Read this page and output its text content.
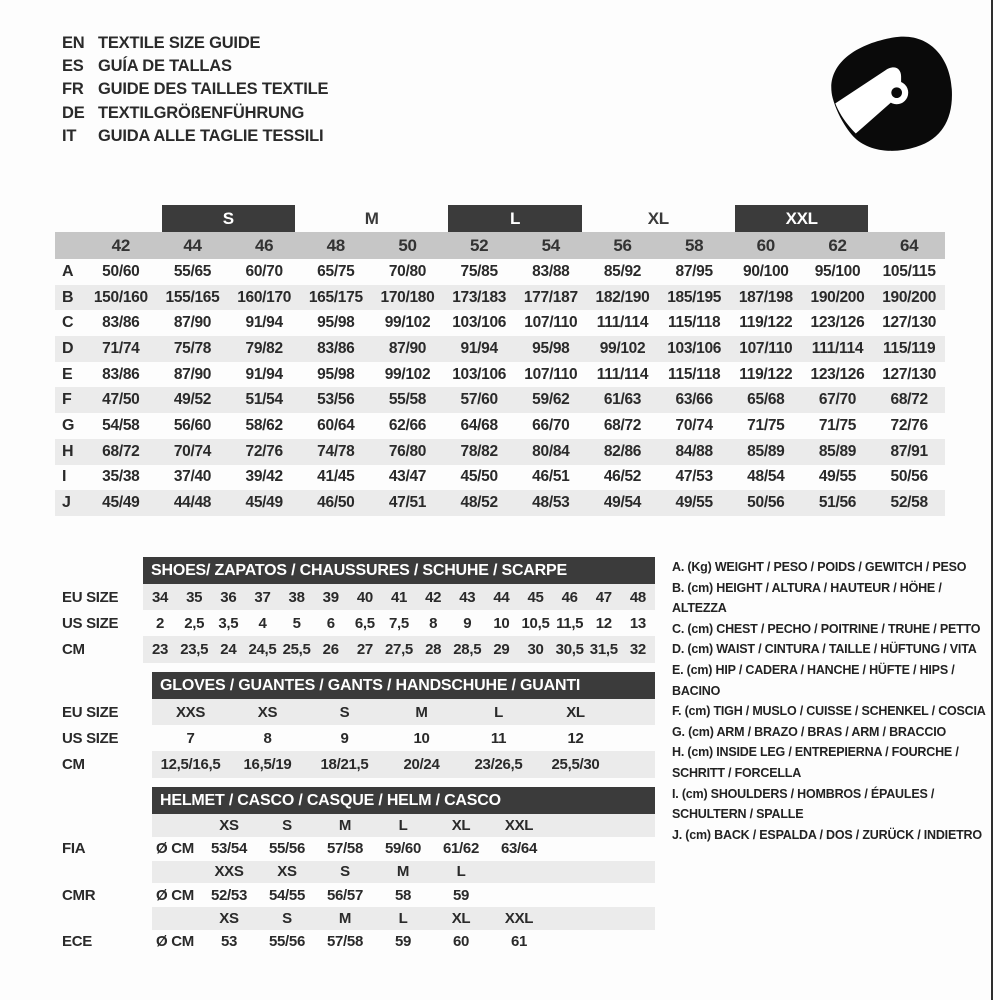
EN TEXTILE SIZE GUIDE
ES GUÍA DE TALLAS
FR GUIDE DES TAILLES TEXTILE
DE TEXTILGRÖßENFÜHRUNG
IT	GUIDA ALLE TAGLIE TESSILI
S	M	L	XL	XXL
42	44	46	48	50	52	54	56	58	60	62	64
A	50/60	55/65	60/70	65/75	70/80	75/85	83/88	85/92	87/95	90/100	95/100	105/115
B	150/160	155/165	160/170	165/175	170/180	173/183	177/187	182/190	185/195	187/198	190/200	190/200
C	83/86	87/90	91/94	95/98	99/102	103/106	107/110	111/114	115/118	119/122	123/126	127/130
D	71/74	75/78	79/82	83/86	87/90	91/94	95/98	99/102	103/106	107/110	111/114	115/119
E	83/86	87/90	91/94	95/98	99/102	103/106	107/110	111/114	115/118	119/122	123/126	127/130
F	47/50	49/52	51/54	53/56	55/58	57/60	59/62	61/63	63/66	65/68	67/70	68/72
G	54/58	56/60	58/62	60/64	62/66	64/68	66/70	68/72	70/74	71/75	71/75	72/76
H	68/72	70/74	72/76	74/78	76/80	78/82	80/84	82/86	84/88	85/89	85/89	87/91
I	35/38	37/40	39/42	41/45	43/47	45/50	46/51	46/52	47/53	48/54	49/55	50/56
J	45/49	44/48	45/49	46/50	47/51	48/52	48/53	49/54	49/55	50/56	51/56	52/58
SHOES/ ZAPATOS / CHAUSSURES / SCHUHE / SCARPE
EU SIZE	34	35	36	37	38	39	40	41	42	43	44	45	46	47	48
US SIZE	2	2,5 3,5	4	5	6	6,5 7,5	8	9	10 10,5 11,5 12	13
CM	23 23,5 24 24,5 25,5 26	27 27,5 28 28,5 29	30 30,5 31,5 32
GLOVES / GUANTES / GANTS / HANDSCHUHE / GUANTI
EU SIZE	XXS	XS	S	M	L	XL
US SIZE	7	8	9	10	11	12
CM	12,5/16,5	16,5/19	18/21,5	20/24	23/26,5	25,5/30
HELMET / CASCO / CASQUE / HELM / CASCO
XS	S	M	L	XL	XXL
FIA	Ø CM	53/54	55/56	57/58	59/60	61/62	63/64
XXS	XS	S	M	L
CMR	Ø CM	52/53	54/55	56/57	58	59
XS	S	M	L	XL	XXL
ECE	Ø CM	53	55/56	57/58	59	60	61
A. (Kg) WEIGHT / PESO / POIDS / GEWITCH / PESO
B. (cm) HEIGHT / ALTURA / HAUTEUR / HÖHE / ALTEZZA
C. (cm) CHEST / PECHO / POITRINE / TRUHE / PETTO
D. (cm) WAIST / CINTURA / TAILLE / HÜFTUNG / VITA
E. (cm) HIP / CADERA / HANCHE / HÜFTE / HIPS / BACINO
F. (cm) TIGH / MUSLO / CUISSE / SCHENKEL / COSCIA
G. (cm) ARM / BRAZO / BRAS / ARM / BRACCIO
H. (cm) INSIDE LEG / ENTREPIERNA / FOURCHE / SCHRITT / FORCELLA
I. (cm) SHOULDERS / HOMBROS / ÉPAULES / SCHULTERN / SPALLE
J. (cm) BACK / ESPALDA / DOS / ZURÜCK / INDIETRO
